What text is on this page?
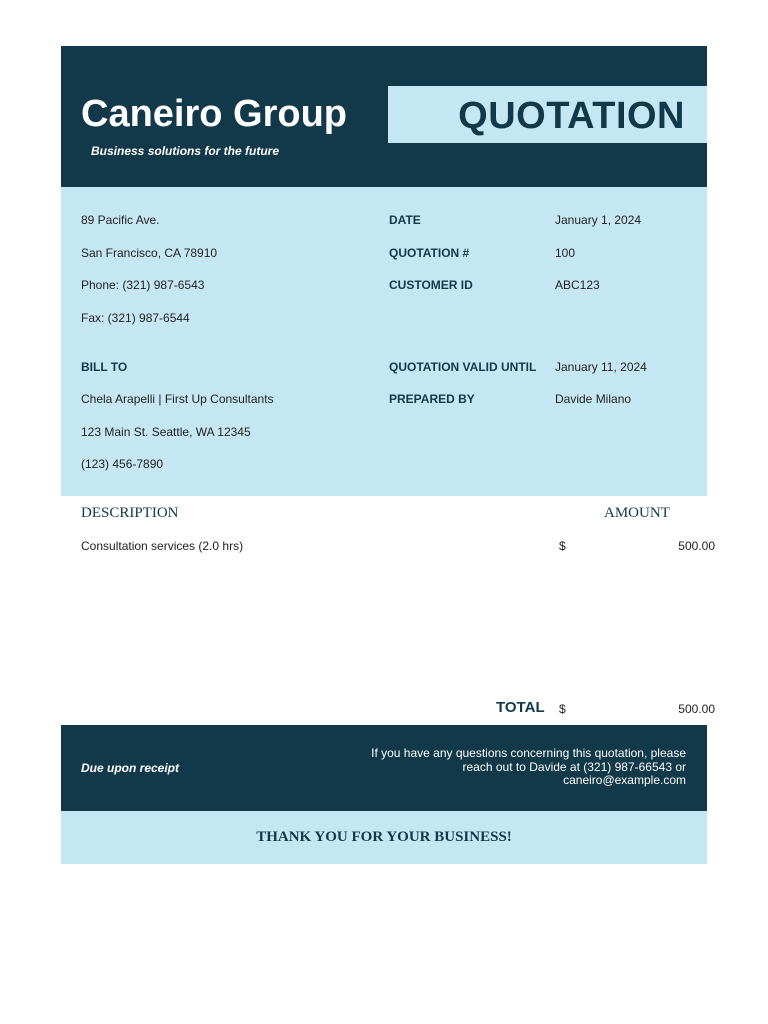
Caneiro Group
Business solutions for the future
QUOTATION
89 Pacific Ave.
San Francisco, CA 78910
Phone: (321) 987-6543
Fax: (321) 987-6544
DATE	January 1, 2024
QUOTATION #	100
CUSTOMER ID	ABC123
BILL TO
Chela Arapelli | First Up Consultants
123 Main St. Seattle, WA 12345
(123) 456-7890
QUOTATION VALID UNTIL January 11, 2024
PREPARED BY	Davide Milano
DESCRIPTION	AMOUNT
Consultation services (2.0 hrs)	$	500.00
TOTAL $	500.00
Due upon receipt
If you have any questions concerning this quotation, please
reach out to Davide at (321) 987-66543 or
caneiro@example.com
THANK YOU FOR YOUR BUSINESS!
